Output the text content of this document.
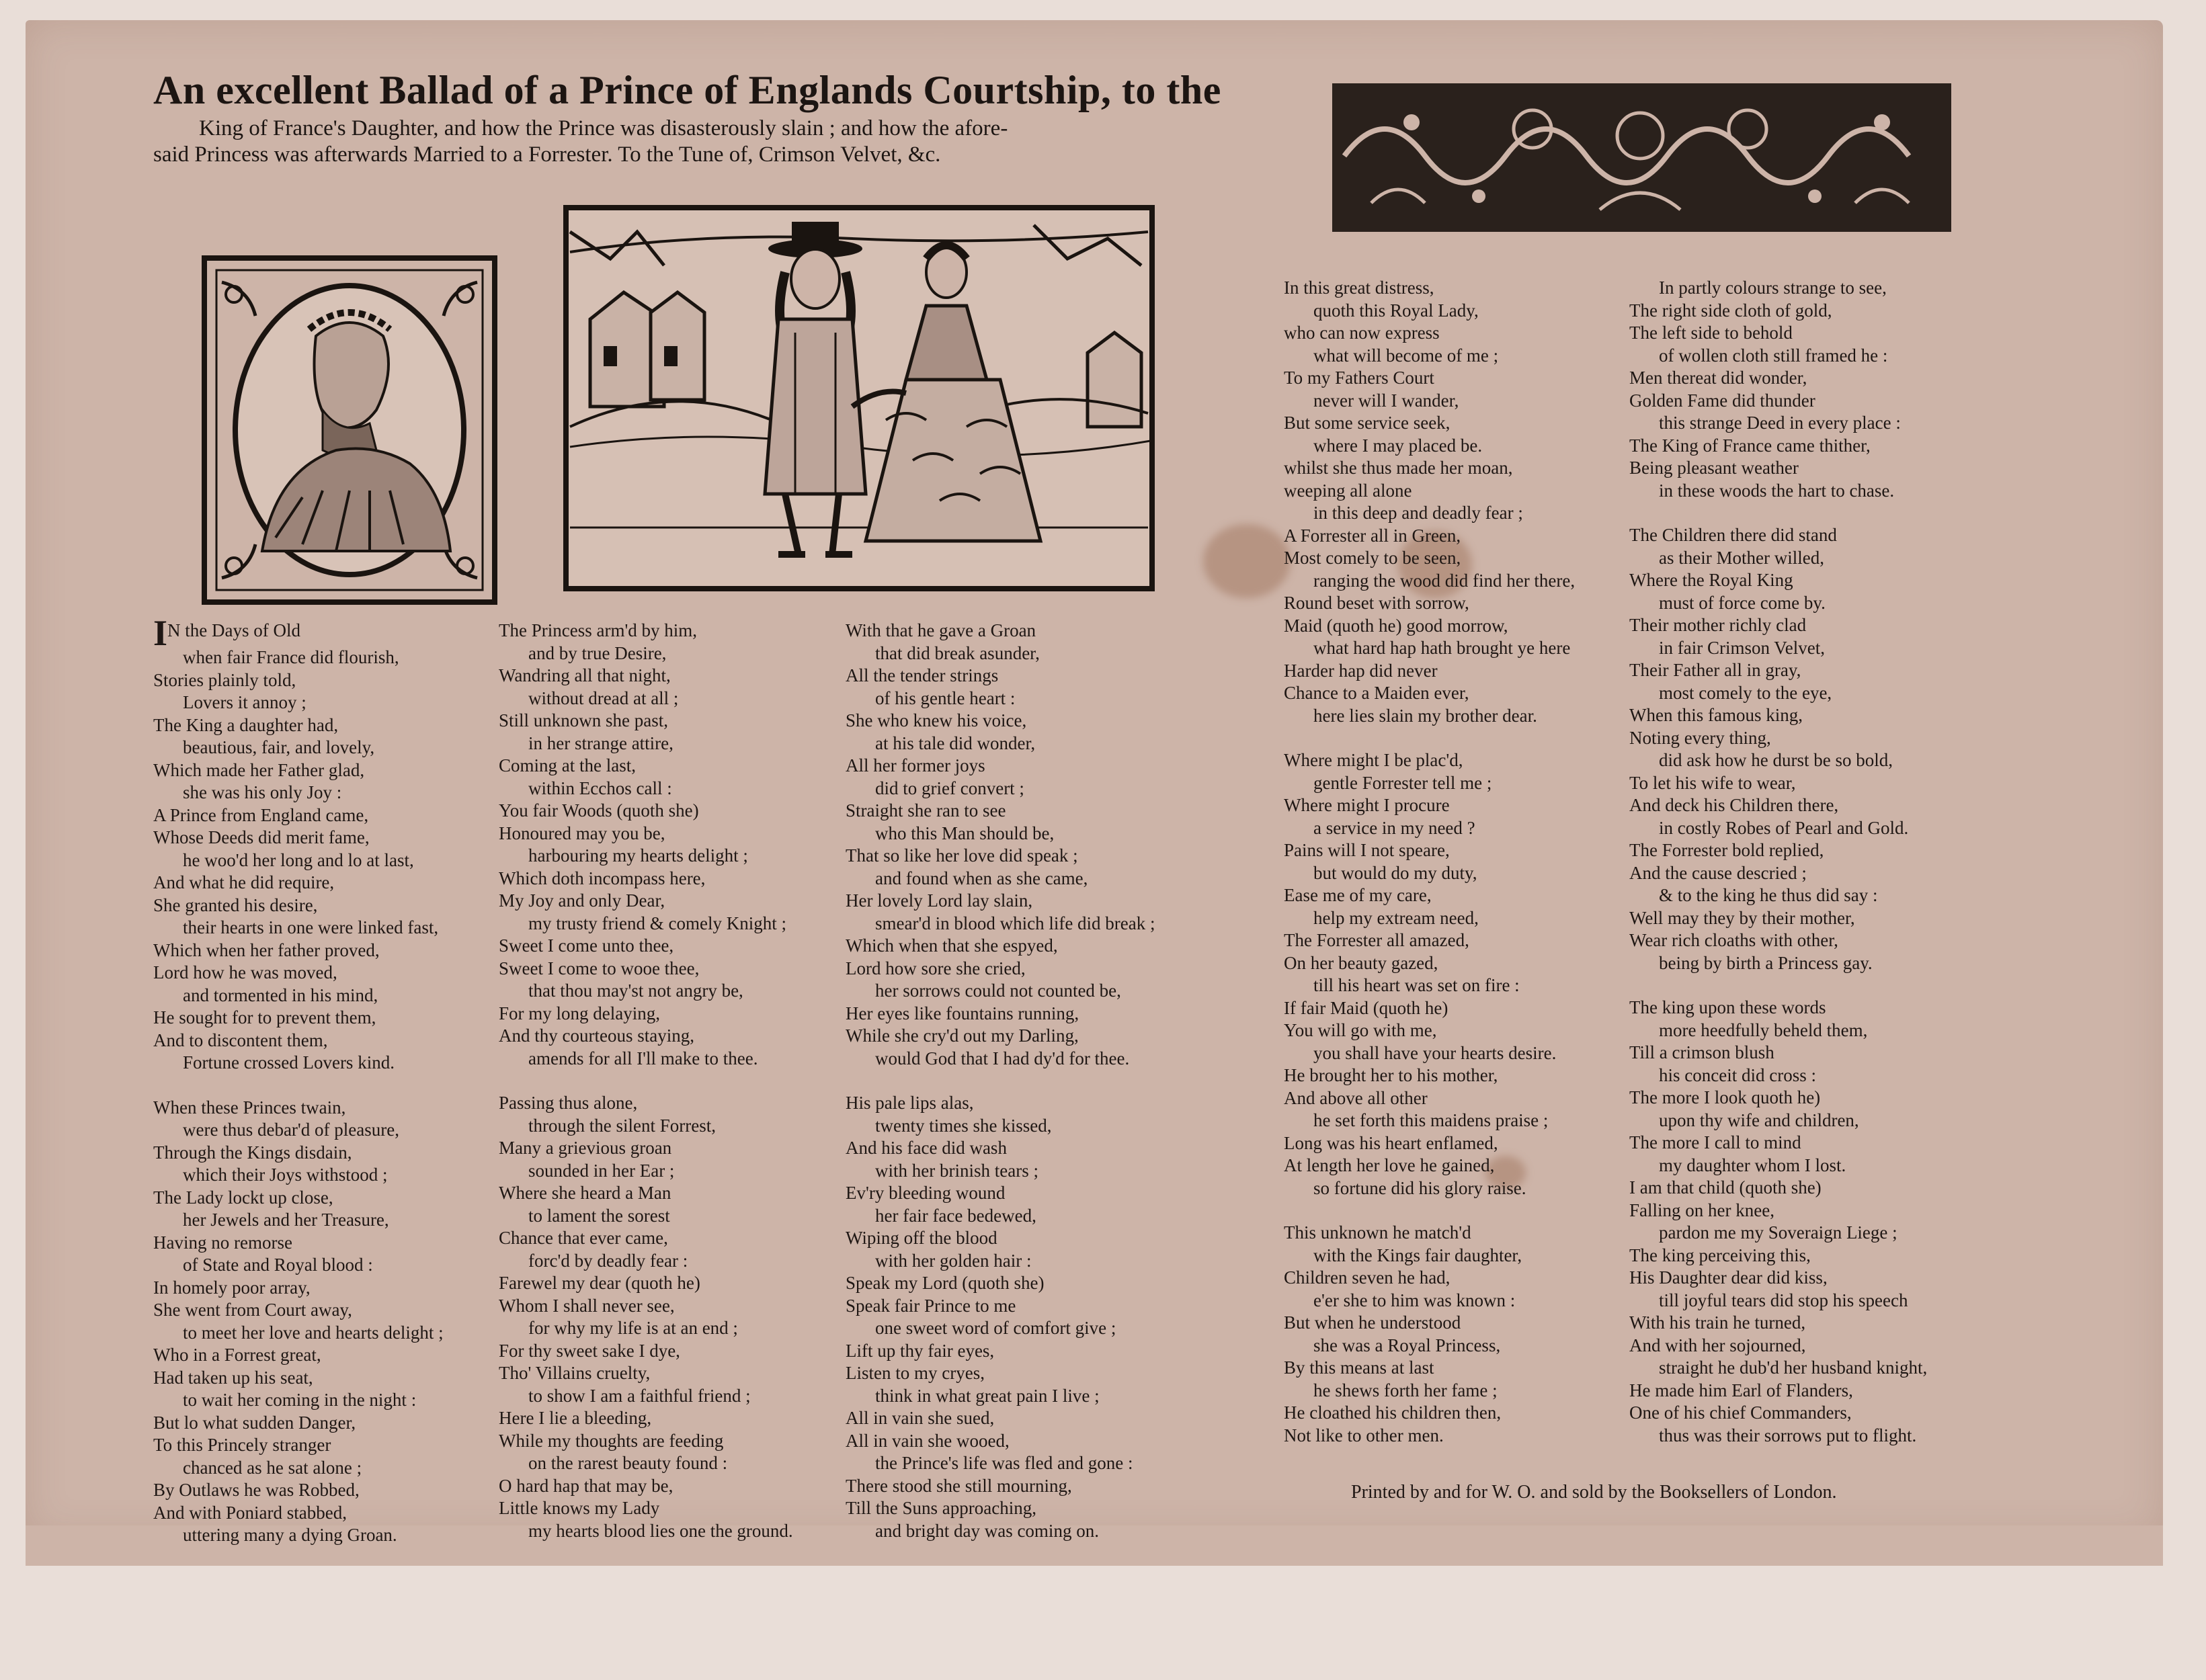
An excellent Ballad of a Prince of Englands Courtship, to the
King of France's Daughter, and how the Prince was disasterously slain ; and how the afore-
said Princess was afterwards Married to a Forrester. To the Tune of, Crimson Velvet, &c.
IN the Days of Old
when fair France did flourish,
Stories plainly told,
Lovers it annoy ;
The King a daughter had,
beautious, fair, and lovely,
Which made her Father glad,
she was his only Joy :
A Prince from England came,
Whose Deeds did merit fame,
he woo'd her long and lo at last,
And what he did require,
She granted his desire,
their hearts in one were linked fast,
Which when her father proved,
Lord how he was moved,
and tormented in his mind,
He sought for to prevent them,
And to discontent them,
Fortune crossed Lovers kind.
When these Princes twain,
were thus debar'd of pleasure,
Through the Kings disdain,
which their Joys withstood ;
The Lady lockt up close,
her Jewels and her Treasure,
Having no remorse
of State and Royal blood :
In homely poor array,
She went from Court away,
to meet her love and hearts delight ;
Who in a Forrest great,
Had taken up his seat,
to wait her coming in the night :
But lo what sudden Danger,
To this Princely stranger
chanced as he sat alone ;
By Outlaws he was Robbed,
And with Poniard stabbed,
uttering many a dying Groan.
The Princess arm'd by him,
and by true Desire,
Wandring all that night,
without dread at all ;
Still unknown she past,
in her strange attire,
Coming at the last,
within Ecchos call :
You fair Woods (quoth she)
Honoured may you be,
harbouring my hearts delight ;
Which doth incompass here,
My Joy and only Dear,
my trusty friend & comely Knight ;
Sweet I come unto thee,
Sweet I come to wooe thee,
that thou may'st not angry be,
For my long delaying,
And thy courteous staying,
amends for all I'll make to thee.
Passing thus alone,
through the silent Forrest,
Many a grievious groan
sounded in her Ear ;
Where she heard a Man
to lament the sorest
Chance that ever came,
forc'd by deadly fear :
Farewel my dear (quoth he)
Whom I shall never see,
for why my life is at an end ;
For thy sweet sake I dye,
Tho' Villains cruelty,
to show I am a faithful friend ;
Here I lie a bleeding,
While my thoughts are feeding
on the rarest beauty found :
O hard hap that may be,
Little knows my Lady
my hearts blood lies one the ground.
With that he gave a Groan
that did break asunder,
All the tender strings
of his gentle heart :
She who knew his voice,
at his tale did wonder,
All her former joys
did to grief convert ;
Straight she ran to see
who this Man should be,
That so like her love did speak ;
and found when as she came,
Her lovely Lord lay slain,
smear'd in blood which life did break ;
Which when that she espyed,
Lord how sore she cried,
her sorrows could not counted be,
Her eyes like fountains running,
While she cry'd out my Darling,
would God that I had dy'd for thee.
His pale lips alas,
twenty times she kissed,
And his face did wash
with her brinish tears ;
Ev'ry bleeding wound
her fair face bedewed,
Wiping off the blood
with her golden hair :
Speak my Lord (quoth she)
Speak fair Prince to me
one sweet word of comfort give ;
Lift up thy fair eyes,
Listen to my cryes,
think in what great pain I live ;
All in vain she sued,
All in vain she wooed,
the Prince's life was fled and gone :
There stood she still mourning,
Till the Suns approaching,
and bright day was coming on.
In this great distress,
quoth this Royal Lady,
who can now express
what will become of me ;
To my Fathers Court
never will I wander,
But some service seek,
where I may placed be.
whilst she thus made her moan,
weeping all alone
in this deep and deadly fear ;
A Forrester all in Green,
Most comely to be seen,
ranging the wood did find her there,
Round beset with sorrow,
Maid (quoth he) good morrow,
what hard hap hath brought ye here
Harder hap did never
Chance to a Maiden ever,
here lies slain my brother dear.
Where might I be plac'd,
gentle Forrester tell me ;
Where might I procure
a service in my need ?
Pains will I not speare,
but would do my duty,
Ease me of my care,
help my extream need,
The Forrester all amazed,
On her beauty gazed,
till his heart was set on fire :
If fair Maid (quoth he)
You will go with me,
you shall have your hearts desire.
He brought her to his mother,
And above all other
he set forth this maidens praise ;
Long was his heart enflamed,
At length her love he gained,
so fortune did his glory raise.
This unknown he match'd
with the Kings fair daughter,
Children seven he had,
e'er she to him was known :
But when he understood
she was a Royal Princess,
By this means at last
he shews forth her fame ;
He cloathed his children then,
Not like to other men.
In partly colours strange to see,
The right side cloth of gold,
The left side to behold
of wollen cloth still framed he :
Men thereat did wonder,
Golden Fame did thunder
this strange Deed in every place :
The King of France came thither,
Being pleasant weather
in these woods the hart to chase.
The Children there did stand
as their Mother willed,
Where the Royal King
must of force come by.
Their mother richly clad
in fair Crimson Velvet,
Their Father all in gray,
most comely to the eye,
When this famous king,
Noting every thing,
did ask how he durst be so bold,
To let his wife to wear,
And deck his Children there,
in costly Robes of Pearl and Gold.
The Forrester bold replied,
And the cause descried ;
& to the king he thus did say :
Well may they by their mother,
Wear rich cloaths with other,
being by birth a Princess gay.
The king upon these words
more heedfully beheld them,
Till a crimson blush
his conceit did cross :
The more I look quoth he)
upon thy wife and children,
The more I call to mind
my daughter whom I lost.
I am that child (quoth she)
Falling on her knee,
pardon me my Soveraign Liege ;
The king perceiving this,
His Daughter dear did kiss,
till joyful tears did stop his speech
With his train he turned,
And with her sojourned,
straight he dub'd her husband knight,
He made him Earl of Flanders,
One of his chief Commanders,
thus was their sorrows put to flight.
Printed by and for W. O. and sold by the Booksellers of London.
